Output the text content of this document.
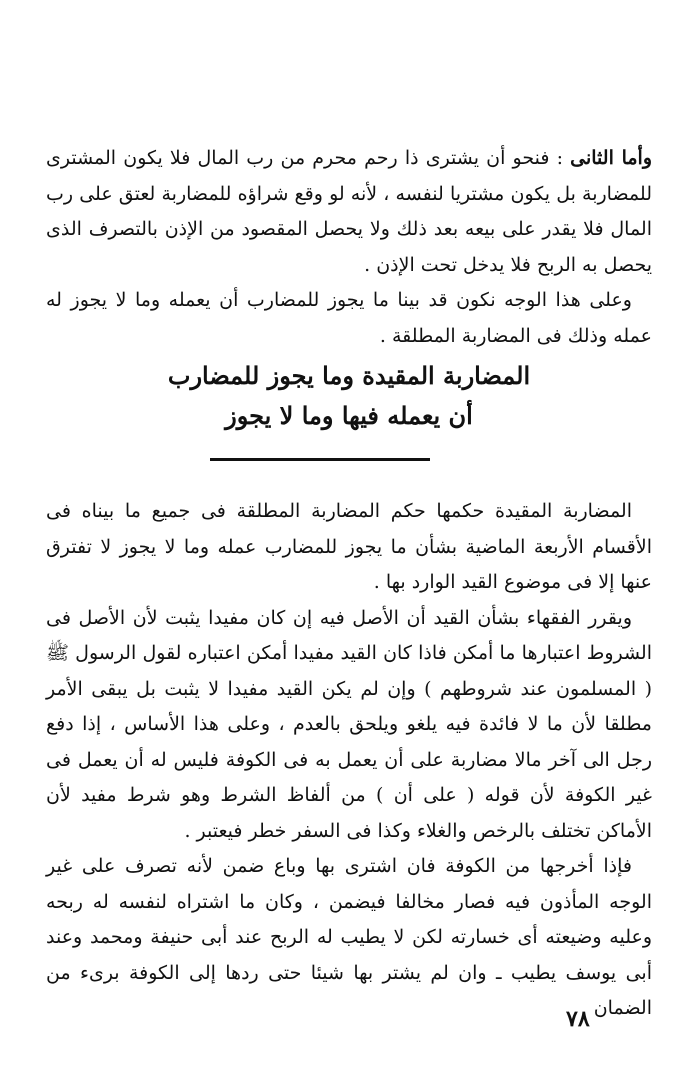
وأما الثانى : فنحو أن يشترى ذا رحم محرم من رب المال فلا يكون المشترى للمضاربة بل يكون مشتريا لنفسه ، لأنه لو وقع شراؤه للمضاربة لعتق على رب المال فلا يقدر على بيعه بعد ذلك ولا يحصل المقصود من الإذن بالتصرف الذى يحصل به الربح فلا يدخل تحت الإذن .

وعلى هذا الوجه نكون قد بينا ما يجوز للمضارب أن يعمله وما لا يجوز له عمله وذلك فى المضاربة المطلقة .

المضاربة المقيدة وما يجوز للمضارب
أن يعمله فيها وما لا يجوز

المضاربة المقيدة حكمها حكم المضاربة المطلقة فى جميع ما بيناه فى الأقسام الأربعة الماضية بشأن ما يجوز للمضارب عمله وما لا يجوز لا تفترق عنها إلا فى موضوع القيد الوارد بها .

ويقرر الفقهاء بشأن القيد أن الأصل فيه إن كان مفيدا يثبت لأن الأصل فى الشروط اعتبارها ما أمكن فاذا كان القيد مفيدا أمكن اعتباره لقول الرسول ﷺ ( المسلمون عند شروطهم ) وإن لم يكن القيد مفيدا لا يثبت بل يبقى الأمر مطلقا لأن ما لا فائدة فيه يلغو ويلحق بالعدم ، وعلى هذا الأساس ، إذا دفع رجل الى آخر مالا مضاربة على أن يعمل به فى الكوفة فليس له أن يعمل فى غير الكوفة لأن قوله ( على أن ) من ألفاظ الشرط وهو شرط مفيد لأن الأماكن تختلف بالرخص والغلاء وكذا فى السفر خطر فيعتبر .

فإذا أخرجها من الكوفة فان اشترى بها وباع ضمن لأنه تصرف على غير الوجه المأذون فيه فصار مخالفا فيضمن ، وكان ما اشتراه لنفسه له ربحه وعليه وضيعته أى خسارته لكن لا يطيب له الربح عند أبى حنيفة ومحمد وعند أبى يوسف يطيب ـ وان لم يشتر بها شيئا حتى ردها إلى الكوفة برىء من الضمان

٧٨
